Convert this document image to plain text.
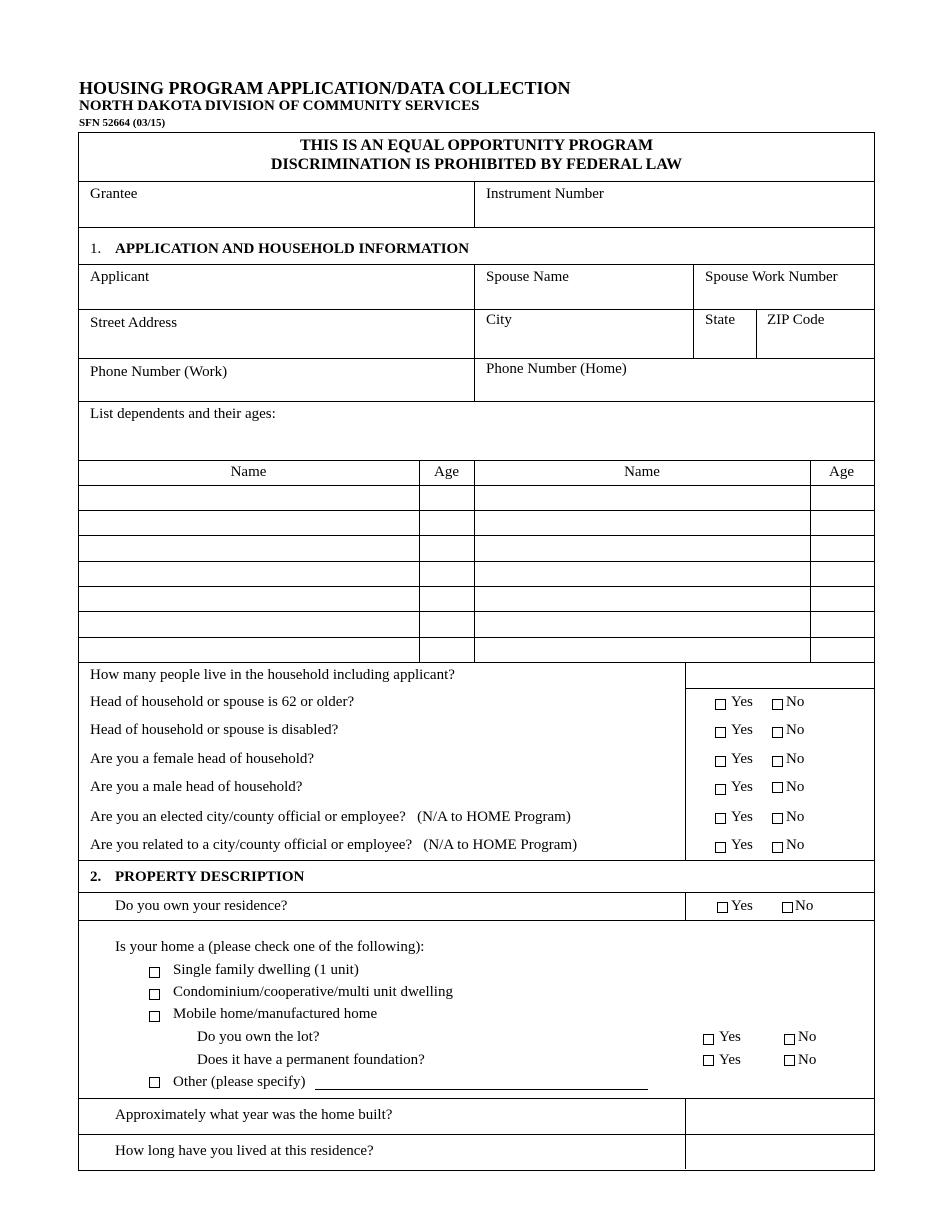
HOUSING PROGRAM APPLICATION/DATA COLLECTION
NORTH DAKOTA DIVISION OF COMMUNITY SERVICES
SFN 52664 (03/15)
THIS IS AN EQUAL OPPORTUNITY PROGRAM
DISCRIMINATION IS PROHIBITED BY FEDERAL LAW
Grantee	Instrument Number
1. APPLICATION AND HOUSEHOLD INFORMATION
Applicant	Spouse Name	Spouse Work Number
Street Address	City	State ZIP Code
Phone Number (Work)	Phone Number (Home)
List dependents and their ages:
Name	Age	Name	Age
How many people live in the household including applicant?
Head of household or spouse is 62 or older?	Yes No
Head of household or spouse is disabled?	Yes No
Are you a female head of household?	Yes No
Are you a male head of household?	Yes No
Are you an elected city/county official or employee?   (N/A to HOME Program)	Yes No
Are you related to a city/county official or employee?   (N/A to HOME Program)	Yes No
2. PROPERTY DESCRIPTION
Do you own your residence?	Yes	No
Is your home a (please check one of the following):
Single family dwelling (1 unit)
Condominium/cooperative/multi unit dwelling
Mobile home/manufactured home
Do you own the lot?	Yes	No
Does it have a permanent foundation?	Yes	No
Other (please specify)
Approximately what year was the home built?
How long have you lived at this residence?
